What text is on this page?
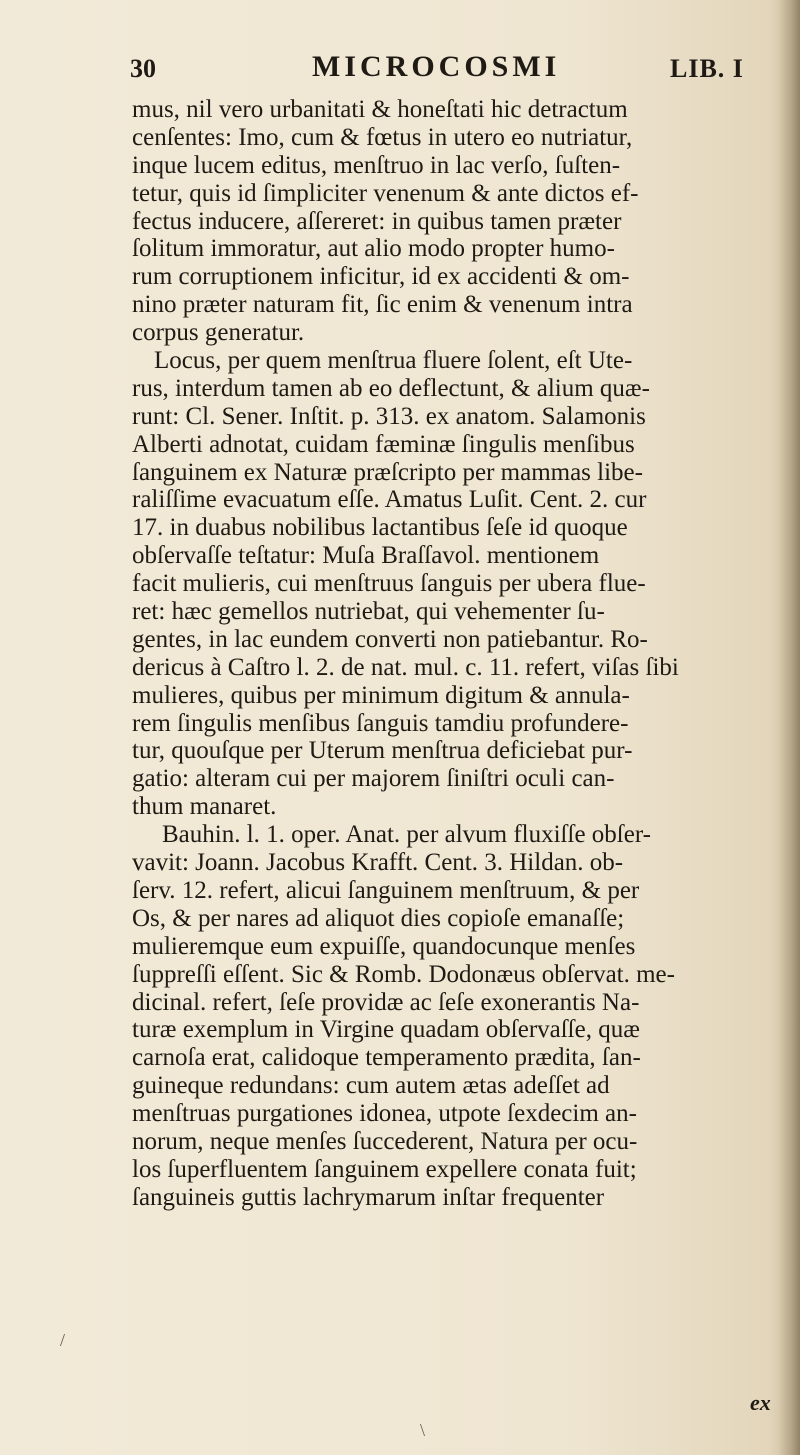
30	MICROCOSMI	LIB. I
mus, nil vero urbanitati & honeſtati hic detractum
cenſentes: Imo, cum & fœtus in utero eo nutriatur,
inque lucem editus, menſtruo in lac verſo, ſuſten-
tetur, quis id ſimpliciter venenum & ante dictos ef-
fectus inducere, aſſereret: in quibus tamen præter
ſolitum immoratur, aut alio modo propter humo-
rum corruptionem inficitur, id ex accidenti & om-
nino præter naturam fit, ſic enim & venenum intra
corpus generatur.
Locus, per quem menſtrua fluere ſolent, eſt Ute-
rus, interdum tamen ab eo deflectunt, & alium quæ-
runt: Cl. Sener. Inſtit. p. 313. ex anatom. Salamonis
Alberti adnotat, cuidam fæminæ ſingulis menſibus
ſanguinem ex Naturæ præſcripto per mammas libe-
raliſſime evacuatum eſſe. Amatus Luſit. Cent. 2. cur
17. in duabus nobilibus lactantibus ſeſe id quoque
obſervaſſe teſtatur: Muſa Braſſavol. mentionem
facit mulieris, cui menſtruus ſanguis per ubera flue-
ret: hæc gemellos nutriebat, qui vehementer ſu-
gentes, in lac eundem converti non patiebantur. Ro-
dericus à Caſtro l. 2. de nat. mul. c. 11. refert, viſas ſibi
mulieres, quibus per minimum digitum & annula-
rem ſingulis menſibus ſanguis tamdiu profundere-
tur, quouſque per Uterum menſtrua deficiebat pur-
gatio: alteram cui per majorem ſiniſtri oculi can-
thum manaret.
Bauhin. l. 1. oper. Anat. per alvum fluxiſſe obſer-
vavit: Joann. Jacobus Krafft. Cent. 3. Hildan. ob-
ſerv. 12. refert, alicui ſanguinem menſtruum, & per
Os, & per nares ad aliquot dies copioſe emanaſſe;
mulieremque eum expuiſſe, quandocunque menſes
ſuppreſſi eſſent. Sic & Romb. Dodonæus obſervat. me-
dicinal. refert, ſeſe providæ ac ſeſe exonerantis Na-
turæ exemplum in Virgine quadam obſervaſſe, quæ
carnoſa erat, calidoque temperamento prædita, ſan-
guineque redundans: cum autem ætas adeſſet ad
menſtruas purgationes idonea, utpote ſexdecim an-
norum, neque menſes ſuccederent, Natura per ocu-
los ſuperfluentem ſanguinem expellere conata fuit;
ſanguineis guttis lachrymarum inſtar frequenter
ex
/
\
